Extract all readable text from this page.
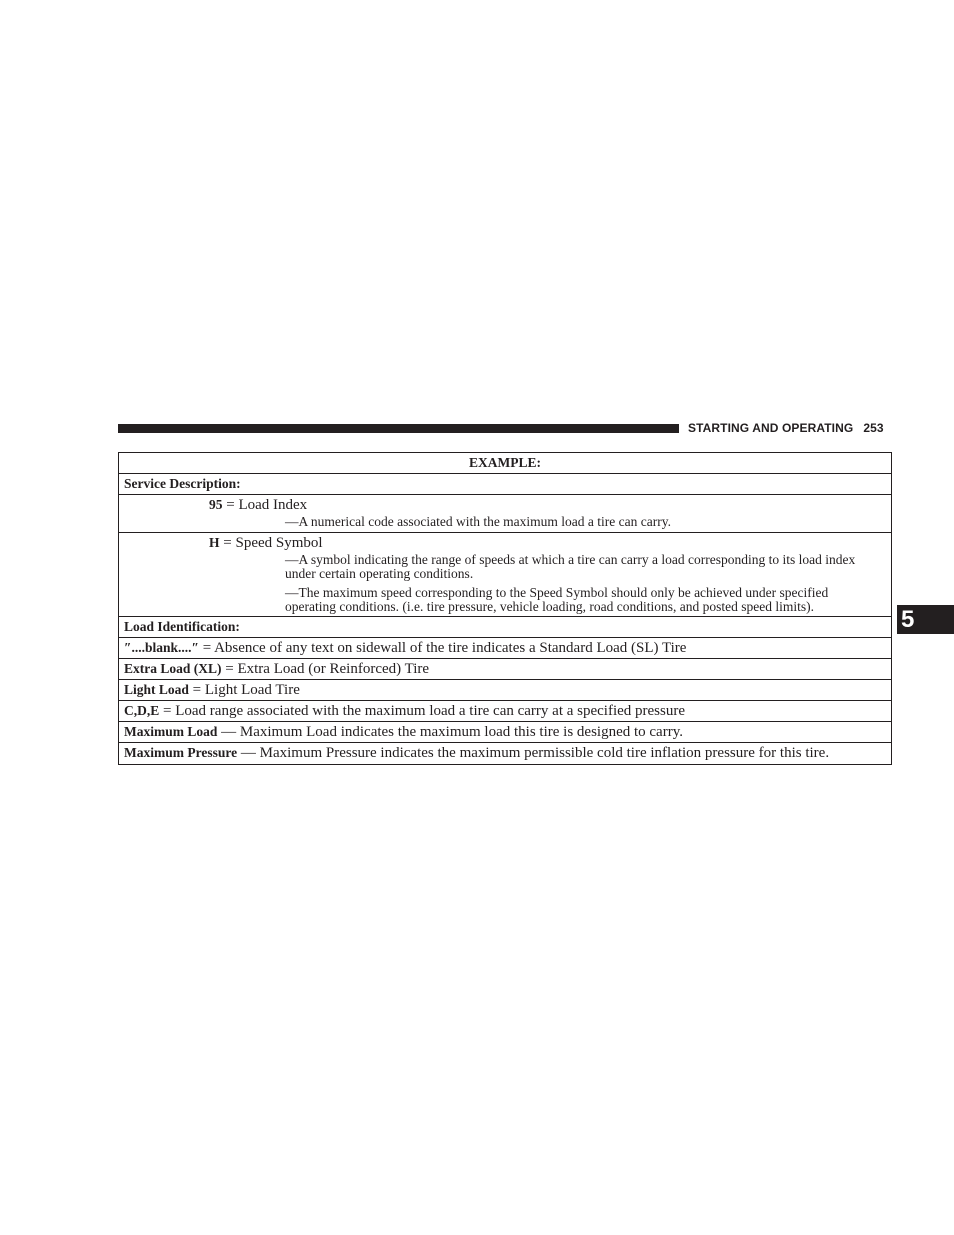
STARTING AND OPERATING 253
5
EXAMPLE:
Service Description:

95 = Load Index

—A numerical code associated with the maximum load a tire can carry.

H = Speed Symbol

—A symbol indicating the range of speeds at which a tire can carry a load corresponding to its load index under certain operating conditions.

—The maximum speed corresponding to the Speed Symbol should only be achieved under specified operating conditions. (i.e. tire pressure, vehicle loading, road conditions, and posted speed limits).

Load Identification:
″....blank....″ = Absence of any text on sidewall of the tire indicates a Standard Load (SL) Tire
Extra Load (XL) = Extra Load (or Reinforced) Tire
Light Load = Light Load Tire
C,D,E = Load range associated with the maximum load a tire can carry at a specified pressure
Maximum Load — Maximum Load indicates the maximum load this tire is designed to carry.
Maximum Pressure — Maximum Pressure indicates the maximum permissible cold tire inflation pressure for this tire.
